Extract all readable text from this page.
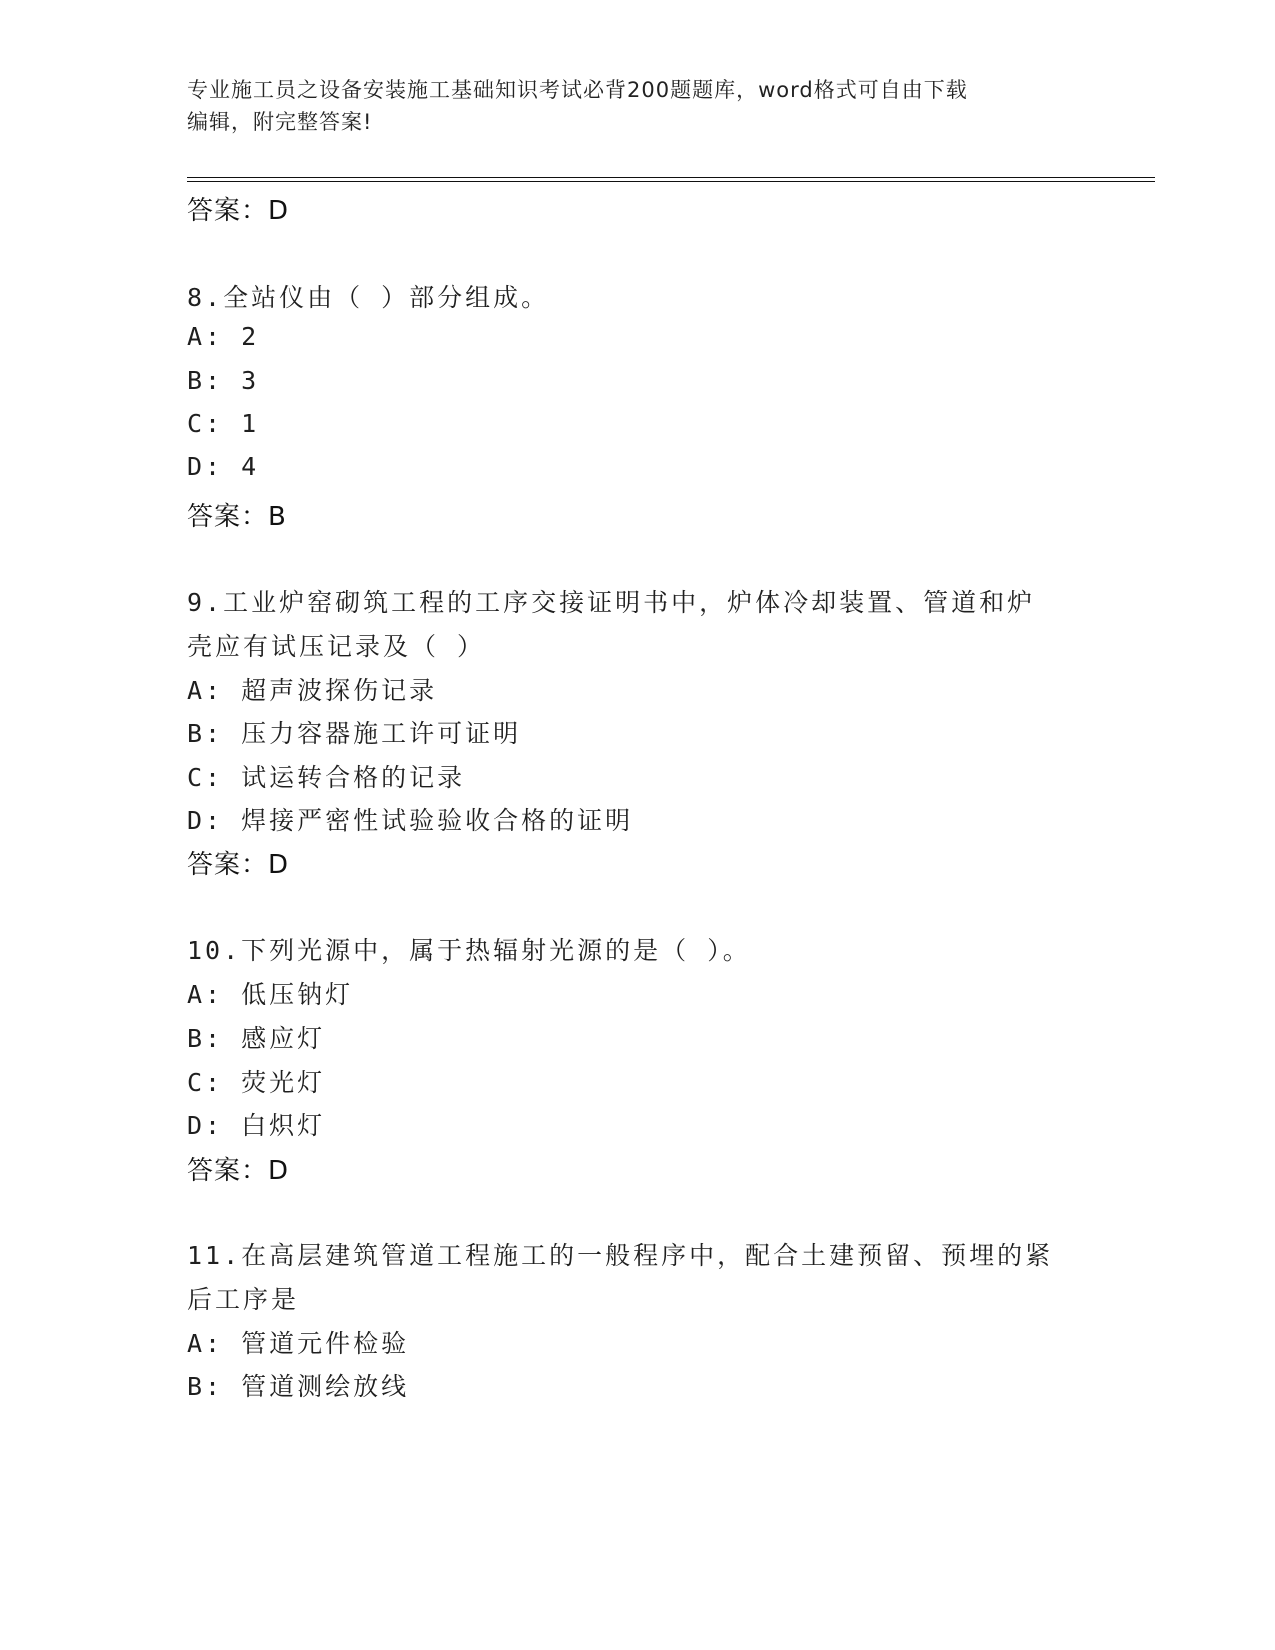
专业施工员之设备安装施工基础知识考试必背200题题库，word格式可自由下载
编辑，附完整答案!
答案：D
8.全站仪由（ ）部分组成。
A: 2
B: 3
C: 1
D: 4
答案：B
9.工业炉窑砌筑工程的工序交接证明书中，炉体冷却装置、管道和炉
壳应有试压记录及（ ）
A: 超声波探伤记录
B: 压力容器施工许可证明
C: 试运转合格的记录
D: 焊接严密性试验验收合格的证明
答案：D
10.下列光源中，属于热辐射光源的是（ ）。
A: 低压钠灯
B: 感应灯
C: 荧光灯
D: 白炽灯
答案：D
11.在高层建筑管道工程施工的一般程序中，配合土建预留、预埋的紧
后工序是
A: 管道元件检验
B: 管道测绘放线
